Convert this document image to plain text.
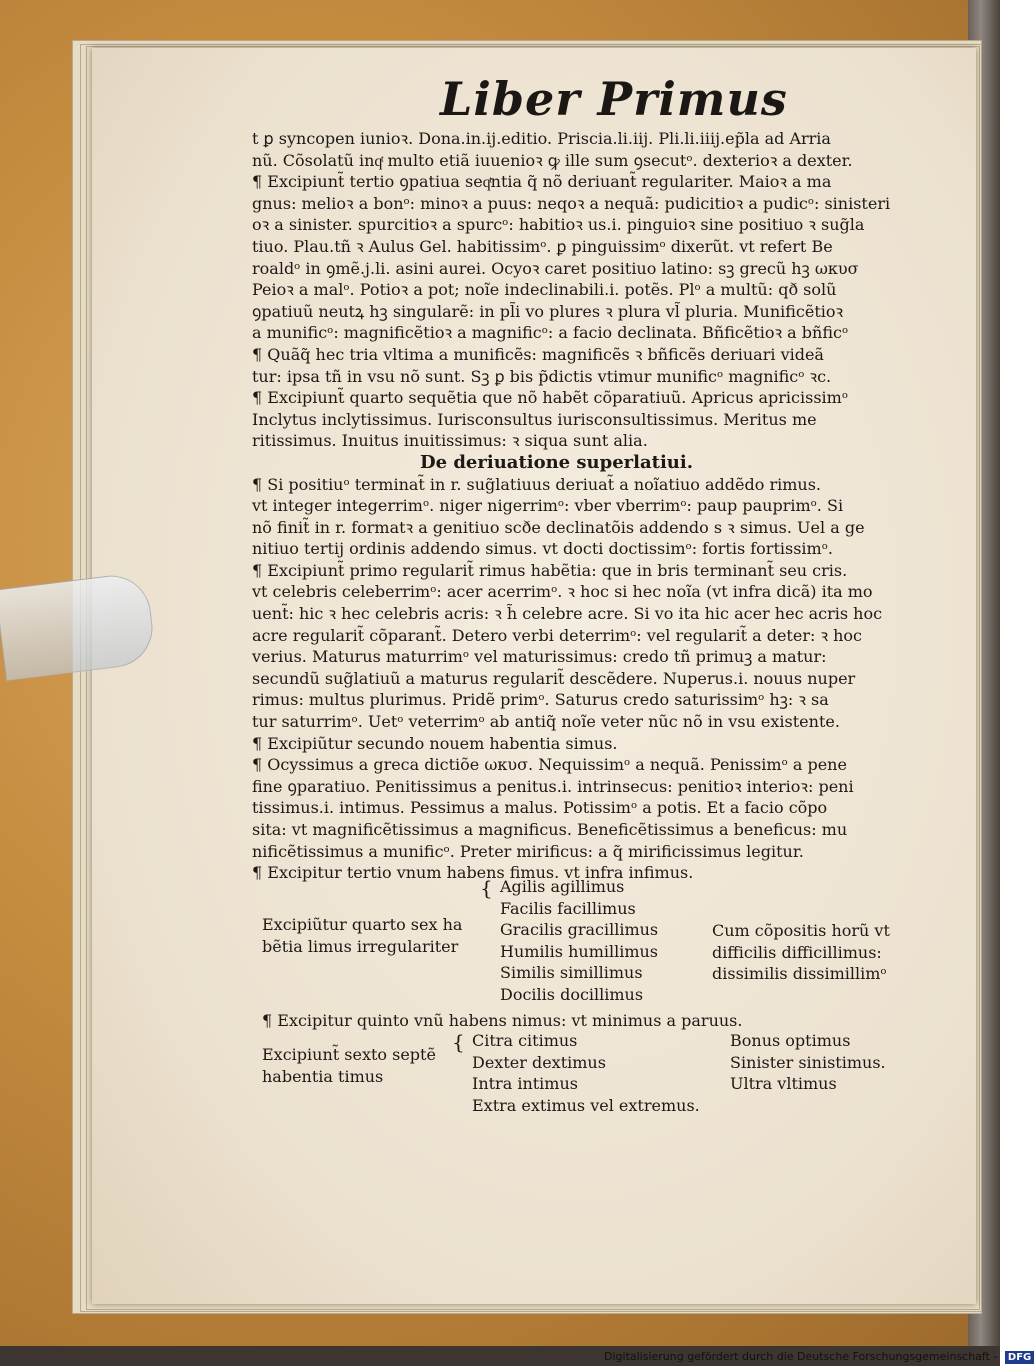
Liber Primus
t ꝑ syncopen iunioꝛ. Dona.in.ij.editio. Priscia.li.iij. Pli.li.iiij.ep̃la ad Arria
nũ. Cõsolatũ inqͭ multo etiã iuuenioꝛ ꝙ ille sum ꝯsecutᵒ. dexterioꝛ a dexter.
¶ Excipiunt̃ tertio ꝯpatiua seqͭntia q̃ nõ deriuant̃ regulariter. Maioꝛ a ma
gnus: melioꝛ a bonᵒ: minoꝛ a puus: neqoꝛ a nequã: pudicitioꝛ a pudicᵒ: sinisteri
oꝛ a sinister. spurcitioꝛ a spurcᵒ: habitioꝛ us.i. pinguioꝛ sine positiuo ꝛ sug̃la
tiuo. Plau.tñ ꝛ Aulus Gel. habitissimᵒ. ꝑ pinguissimᵒ dixerũt. vt refert Be
roaldᵒ in ꝯmẽ.j.li. asini aurei. Ocyoꝛ caret positiuo latino: sꝫ grecũ hꝫ ωκυσ
Peioꝛ a malᵒ. Potioꝛ a pot; noĩe indeclinabili.i. potẽs. Plᵒ a multũ: qð solũ
ꝯpatiuũ neutꝝ hꝫ singularẽ: in pl̃i vo plures ꝛ plura vl̃ pluria. Munificẽtioꝛ
a munificᵒ: magnificẽtioꝛ a magnificᵒ: a facio declinata. Bñficẽtioꝛ a bñficᵒ
¶ Quãq̃ hec tria vltima a munificẽs: magnificẽs ꝛ bñficẽs deriuari videã
tur: ipsa tñ in vsu nõ sunt. Sꝫ ꝑ bis p̃dictis vtimur munificᵒ magnificᵒ ꝛc.
¶ Excipiunt̃ quarto sequẽtia que nõ habẽt cõparatiuũ. Apricus apricissimᵒ
Inclytus inclytissimus. Iurisconsultus iurisconsultissimus. Meritus me
ritissimus. Inuitus inuitissimus: ꝛ siqua sunt alia.
De deriuatione superlatiui.
¶ Si positiuᵒ terminat̃ in r. sug̃latiuus deriuat̃ a noĩatiuo addẽdo rimus.
vt integer integerrimᵒ. niger nigerrimᵒ: vber vberrimᵒ: paup pauprimᵒ. Si
nõ finit̃ in r. formatꝛ a genitiuo scðe declinatõis addendo s ꝛ simus. Uel a ge
nitiuo tertij ordinis addendo simus. vt docti doctissimᵒ: fortis fortissimᵒ.
¶ Excipiunt̃ primo regularit̃ rimus habẽtia: que in bris terminant̃ seu cris.
vt celebris celeberrimᵒ: acer acerrimᵒ. ꝛ hoc si hec noĩa (vt infra dicã) ita mo
uent̃: hic ꝛ hec celebris acris: ꝛ h̃ celebre acre. Si vo ita hic acer hec acris hoc
acre regularit̃ cõparant̃. Detero verbi deterrimᵒ: vel regularit̃ a deter: ꝛ hoc
verius. Maturus maturrimᵒ vel maturissimus: credo tñ primuꝫ a matur:
secundũ sug̃latiuũ a maturus regularit̃ descẽdere. Nuperus.i. nouus nuper
rimus: multus plurimus. Pridẽ primᵒ. Saturus credo saturissimᵒ hꝫ: ꝛ sa
tur saturrimᵒ. Uetᵒ veterrimᵒ ab antiq̃ noĩe veter nũc nõ in vsu existente.
¶ Excipiũtur secundo nouem habentia simus.
¶ Ocyssimus a greca dictiõe ωκυσ. Nequissimᵒ a nequã. Penissimᵒ a pene
fine ꝯparatiuo. Penitissimus a penitus.i. intrinsecus: penitioꝛ interioꝛ: peni
tissimus.i. intimus. Pessimus a malus. Potissimᵒ a potis. Et a facio cõpo
sita: vt magnificẽtissimus a magnificus. Beneficẽtissimus a beneficus: mu
nificẽtissimus a munificᵒ. Preter mirificus: a q̃ mirificissimus legitur.
¶ Excipitur tertio vnum habens fimus. vt infra infimus.
Excipiũtur quarto sex ha
bẽtia limus irregulariter
{ Agilis agillimus
Facilis facillimus
Gracilis gracillimus
Humilis humillimus
Similis simillimus
Docilis docillimus
Cum cõpositis horũ vt
difficilis difficillimus:
dissimilis dissimillimᵒ
¶ Excipitur quinto vnũ habens nimus: vt minimus a paruus.
Excipiunt̃ sexto septẽ
habentia timus
{ Citra citimus
Dexter dextimus
Intra intimus
Extra extimus vel extremus.
Bonus optimus
Sinister sinistimus.
Ultra vltimus
Digitalisierung gefördert durch die Deutsche Forschungsgemeinschaft - DFG
